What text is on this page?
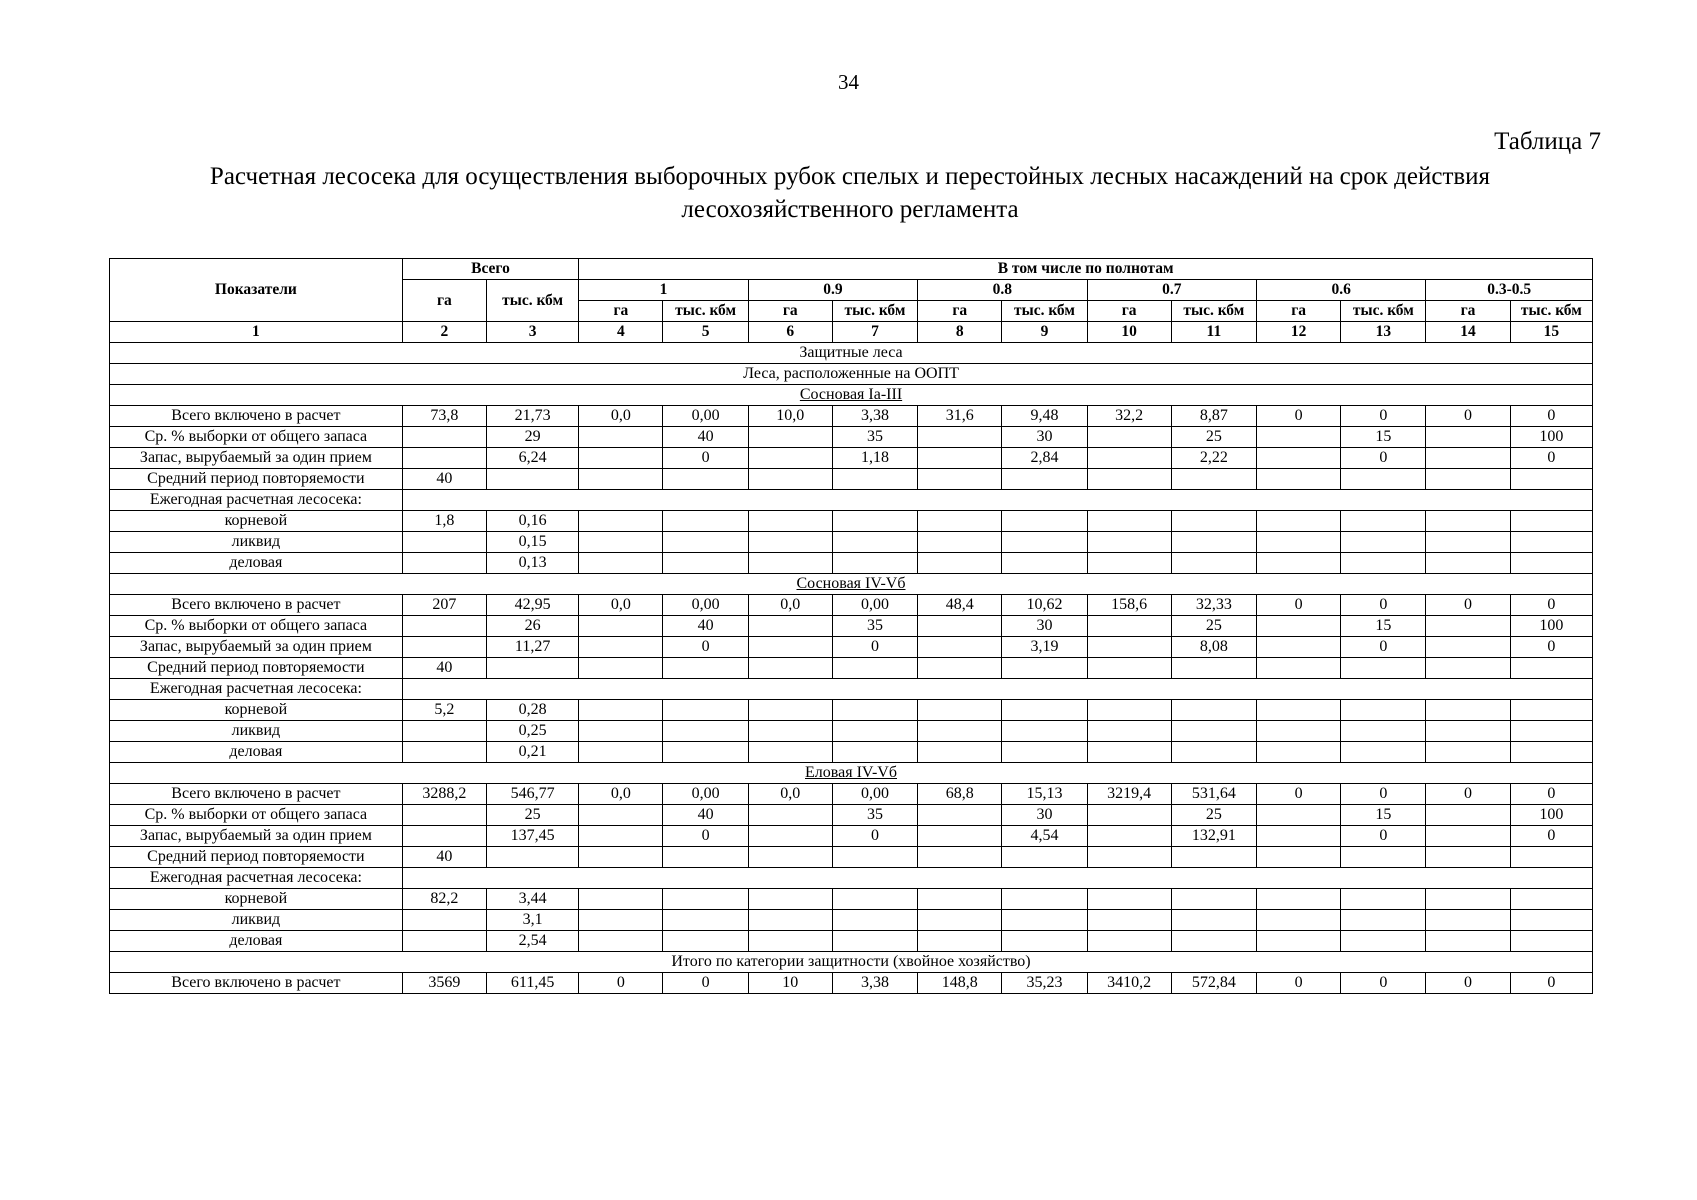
34
Таблица 7
Расчетная лесосека для осуществления выборочных рубок спелых и перестойных лесных насаждений на срок действия
лесохозяйственного регламента
Показатели	Всего		В том числе по полнотам											
	га	тыс. кбм	1		0.9		0.8		0.7		0.6		0.3-0.5	
			га	тыс. кбм	га	тыс. кбм	га	тыс. кбм	га	тыс. кбм	га	тыс. кбм	га	тыс. кбм
1	2	3	4	5	6	7	8	9	10	11	12	13	14	15
Защитные леса														
Леса, расположенные на ООПТ														
Сосновая Ia-III														
Всего включено в расчет	73,8	21,73	0,0	0,00	10,0	3,38	31,6	9,48	32,2	8,87	0	0	0	0
Ср. % выборки от общего запаса		29		40		35		30		25		15		100
Запас, вырубаемый за один прием		6,24		0		1,18		2,84		2,22		0		0
Средний период повторяемости	40													
Ежегодная расчетная лесосека:														
корневой	1,8	0,16												
ликвид		0,15												
деловая		0,13												
Сосновая IV-Vб														
Всего включено в расчет	207	42,95	0,0	0,00	0,0	0,00	48,4	10,62	158,6	32,33	0	0	0	0
Ср. % выборки от общего запаса		26		40		35		30		25		15		100
Запас, вырубаемый за один прием		11,27		0		0		3,19		8,08		0		0
Средний период повторяемости	40													
Ежегодная расчетная лесосека:														
корневой	5,2	0,28												
ликвид		0,25												
деловая		0,21												
Еловая IV-Vб														
Всего включено в расчет	3288,2	546,77	0,0	0,00	0,0	0,00	68,8	15,13	3219,4	531,64	0	0	0	0
Ср. % выборки от общего запаса		25		40		35		30		25		15		100
Запас, вырубаемый за один прием		137,45		0		0		4,54		132,91		0		0
Средний период повторяемости	40													
Ежегодная расчетная лесосека:														
корневой	82,2	3,44												
ликвид		3,1												
деловая		2,54												
Итого по категории защитности (хвойное хозяйство)														
Всего включено в расчет	3569	611,45	0	0	10	3,38	148,8	35,23	3410,2	572,84	0	0	0	0
